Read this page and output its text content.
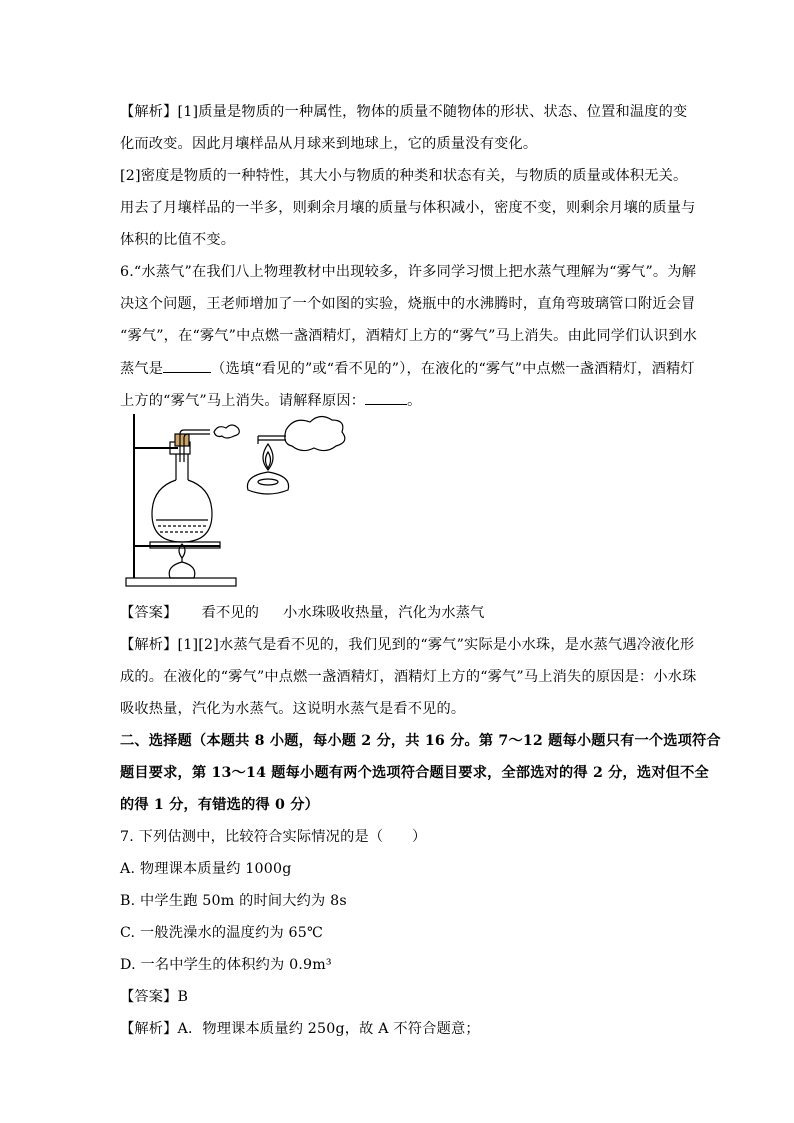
【解析】[1]质量是物质的一种属性，物体的质量不随物体的形状、状态、位置和温度的变
化而改变。因此月壤样品从月球来到地球上，它的质量没有变化。
[2]密度是物质的一种特性，其大小与物质的种类和状态有关，与物质的质量或体积无关。
用去了月壤样品的一半多，则剩余月壤的质量与体积减小，密度不变，则剩余月壤的质量与
体积的比值不变。
6.“水蒸气”在我们八上物理教材中出现较多，许多同学习惯上把水蒸气理解为“雾气”。为解
决这个问题，王老师增加了一个如图的实验，烧瓶中的水沸腾时，直角弯玻璃管口附近会冒
“雾气”，在“雾气”中点燃一盏酒精灯，酒精灯上方的“雾气”马上消失。由此同学们认识到水
蒸气是	（选填“看见的”或“看不见的”），在液化的“雾气”中点燃一盏酒精灯，酒精灯
上方的“雾气”马上消失。请解释原因：	。
【答案】 看不见的 小水珠吸收热量，汽化为水蒸气
【解析】[1][2]水蒸气是看不见的，我们见到的“雾气”实际是小水珠，是水蒸气遇冷液化形
成的。在液化的“雾气”中点燃一盏酒精灯，酒精灯上方的“雾气”马上消失的原因是：小水珠
吸收热量，汽化为水蒸气。这说明水蒸气是看不见的。
二、选择题（本题共 8 小题，每小题 2 分，共 16 分。第 7～12 题每小题只有一个选项符合
题目要求，第 13～14 题每小题有两个选项符合题目要求，全部选对的得 2 分，选对但不全
的得 1 分，有错选的得 0 分）
7. 下列估测中，比较符合实际情况的是（　　）
A. 物理课本质量约 1000g
B. 中学生跑 50m 的时间大约为 8s
C. 一般洗澡水的温度约为 65℃
D. 一名中学生的体积约为 0.9m³
【答案】B
【解析】A．物理课本质量约 250g，故 A 不符合题意；
